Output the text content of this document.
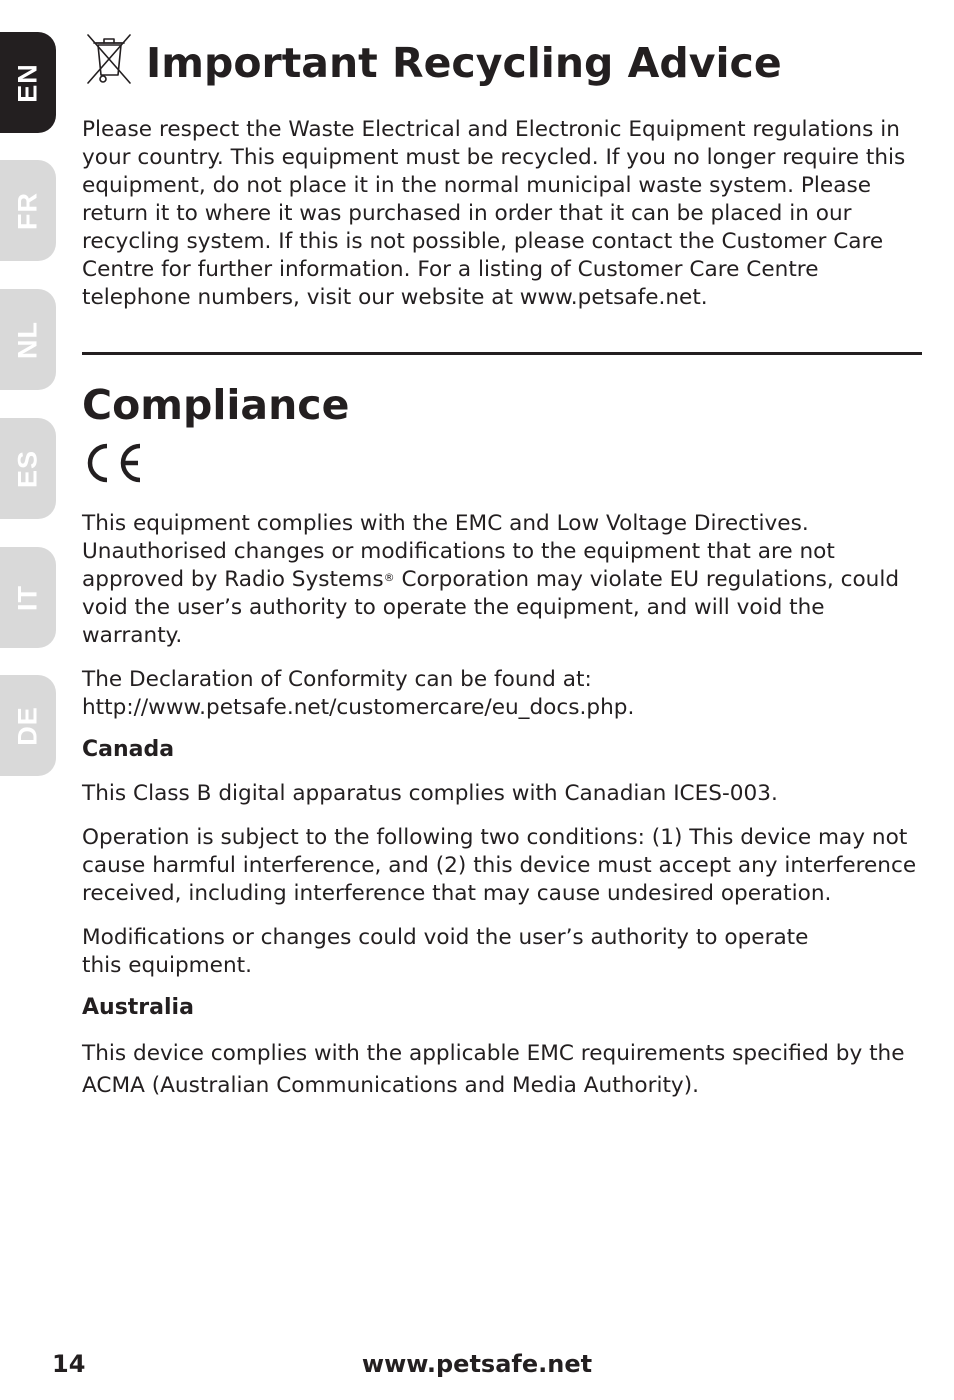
EN
FR
NL
ES
IT
DE
Important Recycling Advice

Please respect the Waste Electrical and Electronic Equipment regulations in your country. This equipment must be recycled. If you no longer require this equipment, do not place it in the normal municipal waste system. Please return it to where it was purchased in order that it can be placed in our recycling system. If this is not possible, please contact the Customer Care Centre for further information. For a listing of Customer Care Centre telephone numbers, visit our website at www.petsafe.net.

Compliance

This equipment complies with the EMC and Low Voltage Directives. Unauthorised changes or modifications to the equipment that are not approved by Radio Systems® Corporation may violate EU regulations, could void the user’s authority to operate the equipment, and will void the warranty.

The Declaration of Conformity can be found at:
http://www.petsafe.net/customercare/eu_docs.php.

Canada

This Class B digital apparatus complies with Canadian ICES-003.

Operation is subject to the following two conditions: (1) This device may not cause harmful interference, and (2) this device must accept any interference received, including interference that may cause undesired operation.

Modifications or changes could void the user’s authority to operate
this equipment.

Australia

This device complies with the applicable EMC requirements specified by the ACMA (Australian Communications and Media Authority).

www.petsafe.net
14
